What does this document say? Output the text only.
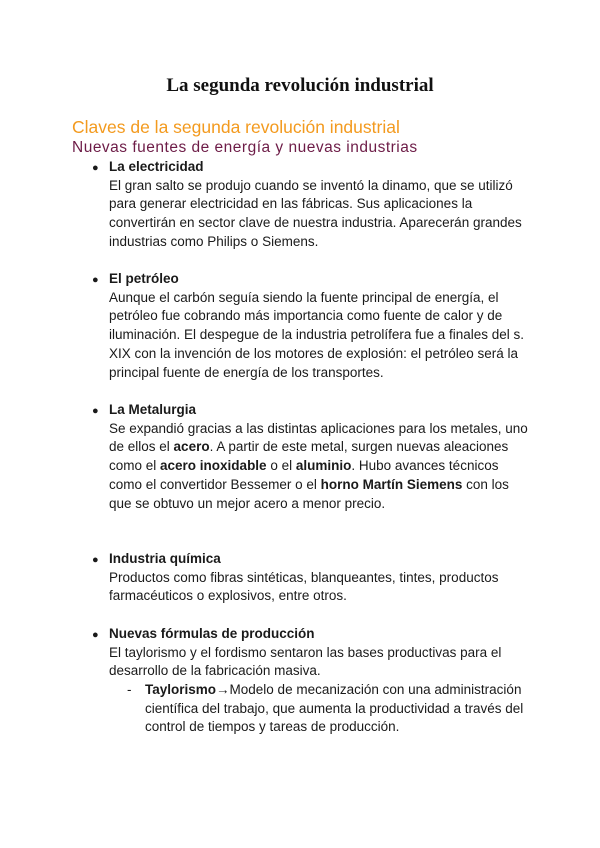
La segunda revolución industrial
Claves de la segunda revolución industrial
Nuevas fuentes de energía y nuevas industrias
● La electricidad
El gran salto se produjo cuando se inventó la dinamo, que se utilizó para generar electricidad en las fábricas. Sus aplicaciones la convertirán en sector clave de nuestra industria. Aparecerán grandes industrias como Philips o Siemens.
● El petróleo
Aunque el carbón seguía siendo la fuente principal de energía, el petróleo fue cobrando más importancia como fuente de calor y de iluminación. El despegue de la industria petrolífera fue a finales del s. XIX con la invención de los motores de explosión: el petróleo será la principal fuente de energía de los transportes.
● La Metalurgia
Se expandió gracias a las distintas aplicaciones para los metales, uno de ellos el acero. A partir de este metal, surgen nuevas aleaciones como el acero inoxidable o el aluminio. Hubo avances técnicos como el convertidor Bessemer o el horno Martín Siemens con los que se obtuvo un mejor acero a menor precio.
● Industria química
Productos como fibras sintéticas, blanqueantes, tintes, productos farmacéuticos o explosivos, entre otros.
● Nuevas fórmulas de producción
El taylorismo y el fordismo sentaron las bases productivas para el desarrollo de la fabricación masiva.
- Taylorismo→Modelo de mecanización con una administración científica del trabajo, que aumenta la productividad a través del control de tiempos y tareas de producción.
